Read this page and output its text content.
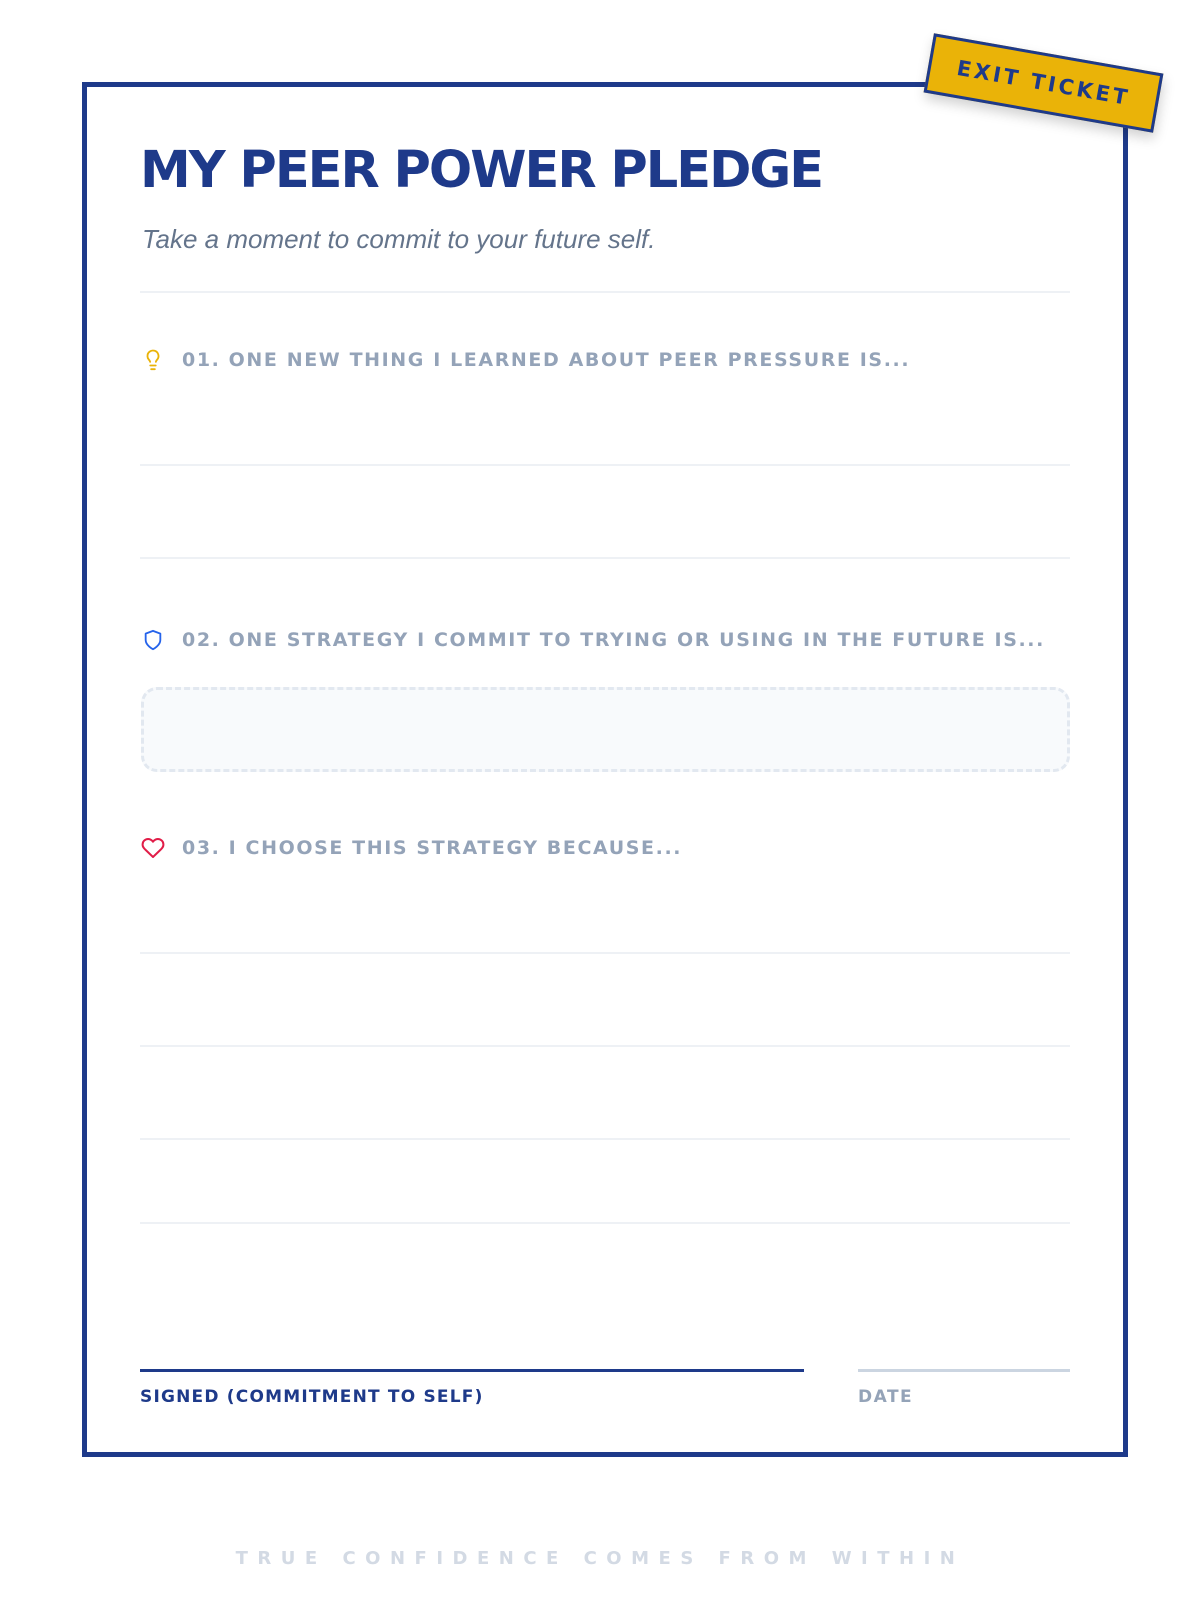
EXIT TICKET
MY PEER POWER PLEDGE

Take a moment to commit to your future self.

01. ONE NEW THING I LEARNED ABOUT PEER PRESSURE IS...
02. ONE STRATEGY I COMMIT TO TRYING OR USING IN THE FUTURE IS...
03. I CHOOSE THIS STRATEGY BECAUSE...
SIGNED (COMMITMENT TO SELF)	DATE
TRUE CONFIDENCE COMES FROM WITHIN
